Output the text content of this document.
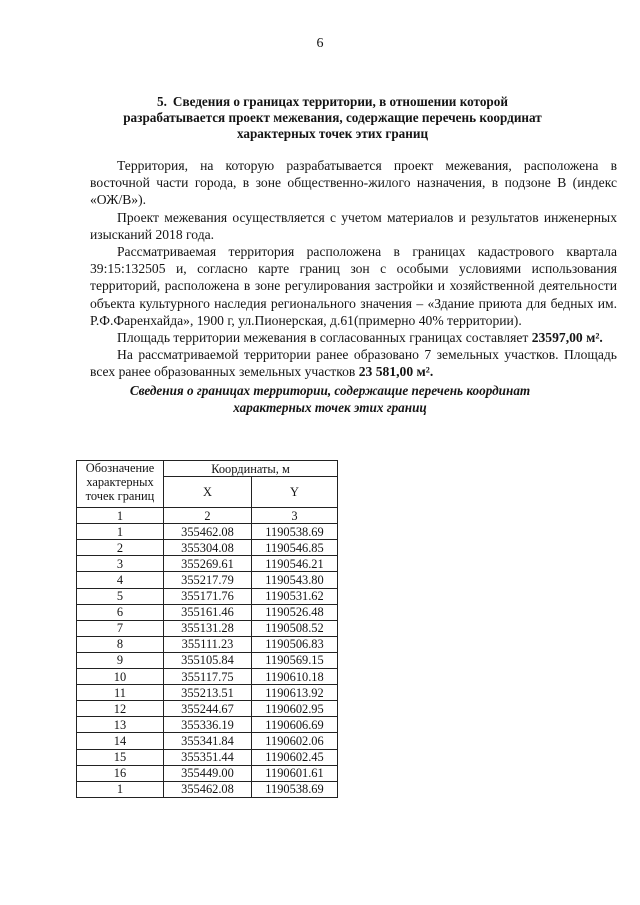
6
5. Сведения о границах территории, в отношении которой
разрабатывается проект межевания, содержащие перечень координат
характерных точек этих границ

Территория, на которую разрабатывается проект межевания, расположена в восточной части города, в зоне общественно-жилого назначения, в подзоне В (индекс «ОЖ/В»).

Проект межевания осуществляется с учетом материалов и результатов инженерных изысканий 2018 года.

Рассматриваемая территория расположена в границах кадастрового квартала 39:15:132505 и, согласно карте границ зон с особыми условиями использования территорий, расположена в зоне регулирования застройки и хозяйственной деятельности объекта культурного наследия регионального значения – «Здание приюта для бедных им. Р.Ф.Фаренхайда», 1900 г, ул.Пионерская, д.61(примерно 40% территории).

Площадь территории межевания в согласованных границах составляет 23597,00 м².

На рассматриваемой территории ранее образовано 7 земельных участков. Площадь всех ранее образованных земельных участков 23 581,00 м².

Сведения о границах территории, содержащие перечень координат
характерных точек этих границ
Обозначение характерных точек границ	Координаты, м	
	X	Y
1	2	3
1	355462.08	1190538.69
2	355304.08	1190546.85
3	355269.61	1190546.21
4	355217.79	1190543.80
5	355171.76	1190531.62
6	355161.46	1190526.48
7	355131.28	1190508.52
8	355111.23	1190506.83
9	355105.84	1190569.15
10	355117.75	1190610.18
11	355213.51	1190613.92
12	355244.67	1190602.95
13	355336.19	1190606.69
14	355341.84	1190602.06
15	355351.44	1190602.45
16	355449.00	1190601.61
1	355462.08	1190538.69
